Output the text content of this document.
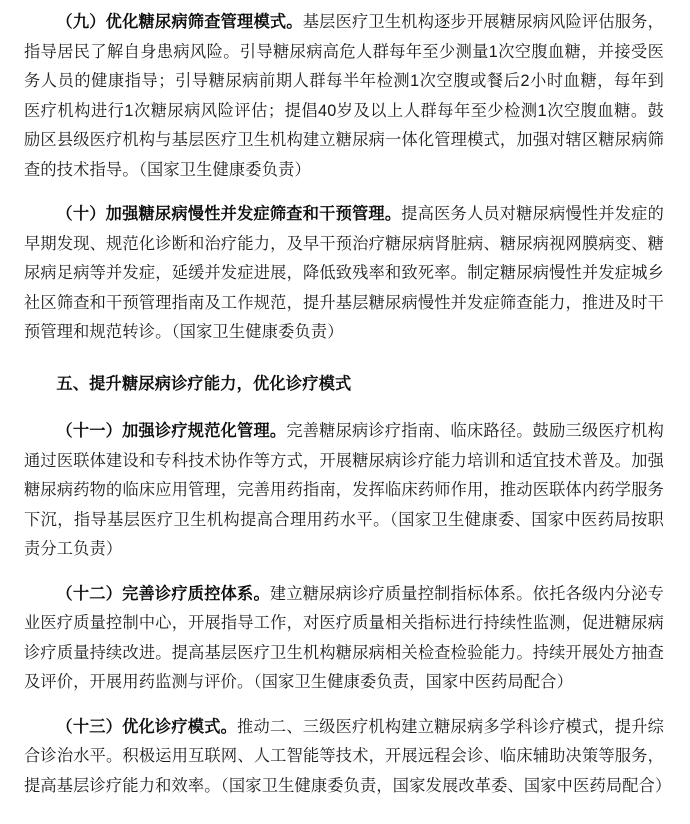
（九）优化糖尿病筛查管理模式。基层医疗卫生机构逐步开展糖尿病风险评估服务，指导居民了解自身患病风险。引导糖尿病高危人群每年至少测量1次空腹血糖，并接受医务人员的健康指导；引导糖尿病前期人群每半年检测1次空腹或餐后2小时血糖，每年到医疗机构进行1次糖尿病风险评估；提倡40岁及以上人群每年至少检测1次空腹血糖。鼓励区县级医疗机构与基层医疗卫生机构建立糖尿病一体化管理模式，加强对辖区糖尿病筛查的技术指导。（国家卫生健康委负责）

（十）加强糖尿病慢性并发症筛查和干预管理。提高医务人员对糖尿病慢性并发症的早期发现、规范化诊断和治疗能力，及早干预治疗糖尿病肾脏病、糖尿病视网膜病变、糖尿病足病等并发症，延缓并发症进展，降低致残率和致死率。制定糖尿病慢性并发症城乡社区筛查和干预管理指南及工作规范，提升基层糖尿病慢性并发症筛查能力，推进及时干预管理和规范转诊。（国家卫生健康委负责）

五、提升糖尿病诊疗能力，优化诊疗模式

（十一）加强诊疗规范化管理。完善糖尿病诊疗指南、临床路径。鼓励三级医疗机构通过医联体建设和专科技术协作等方式，开展糖尿病诊疗能力培训和适宜技术普及。加强糖尿病药物的临床应用管理，完善用药指南，发挥临床药师作用，推动医联体内药学服务下沉，指导基层医疗卫生机构提高合理用药水平。（国家卫生健康委、国家中医药局按职责分工负责）

（十二）完善诊疗质控体系。建立糖尿病诊疗质量控制指标体系。依托各级内分泌专业医疗质量控制中心，开展指导工作，对医疗质量相关指标进行持续性监测，促进糖尿病诊疗质量持续改进。提高基层医疗卫生机构糖尿病相关检查检验能力。持续开展处方抽查及评价，开展用药监测与评价。（国家卫生健康委负责，国家中医药局配合）

（十三）优化诊疗模式。推动二、三级医疗机构建立糖尿病多学科诊疗模式，提升综合诊治水平。积极运用互联网、人工智能等技术，开展远程会诊、临床辅助决策等服务，提高基层诊疗能力和效率。（国家卫生健康委负责，国家发展改革委、国家中医药局配合）
